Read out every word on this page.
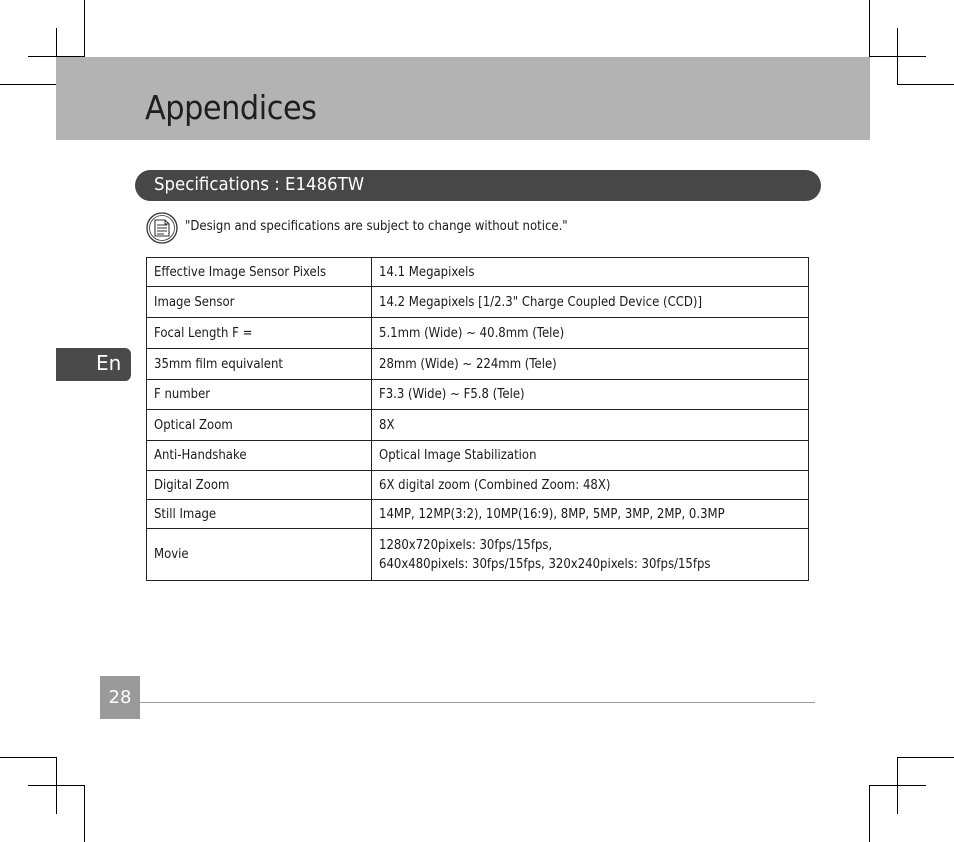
Appendices
Specifications : E1486TW
"Design and specifications are subject to change without notice."
Effective Image Sensor Pixels	14.1 Megapixels
Image Sensor	14.2 Megapixels [1/2.3" Charge Coupled Device (CCD)]
Focal Length F =	5.1mm (Wide) ~ 40.8mm (Tele)
35mm film equivalent	28mm (Wide) ~ 224mm (Tele)
F number	F3.3 (Wide) ~ F5.8 (Tele)
Optical Zoom	8X
Anti-Handshake	Optical Image Stabilization
Digital Zoom	6X digital zoom (Combined Zoom: 48X)
Still Image	14MP, 12MP(3:2), 10MP(16:9), 8MP, 5MP, 3MP, 2MP, 0.3MP
Movie	1280x720pixels: 30fps/15fps,
640x480pixels: 30fps/15fps, 320x240pixels: 30fps/15fps
En
28
